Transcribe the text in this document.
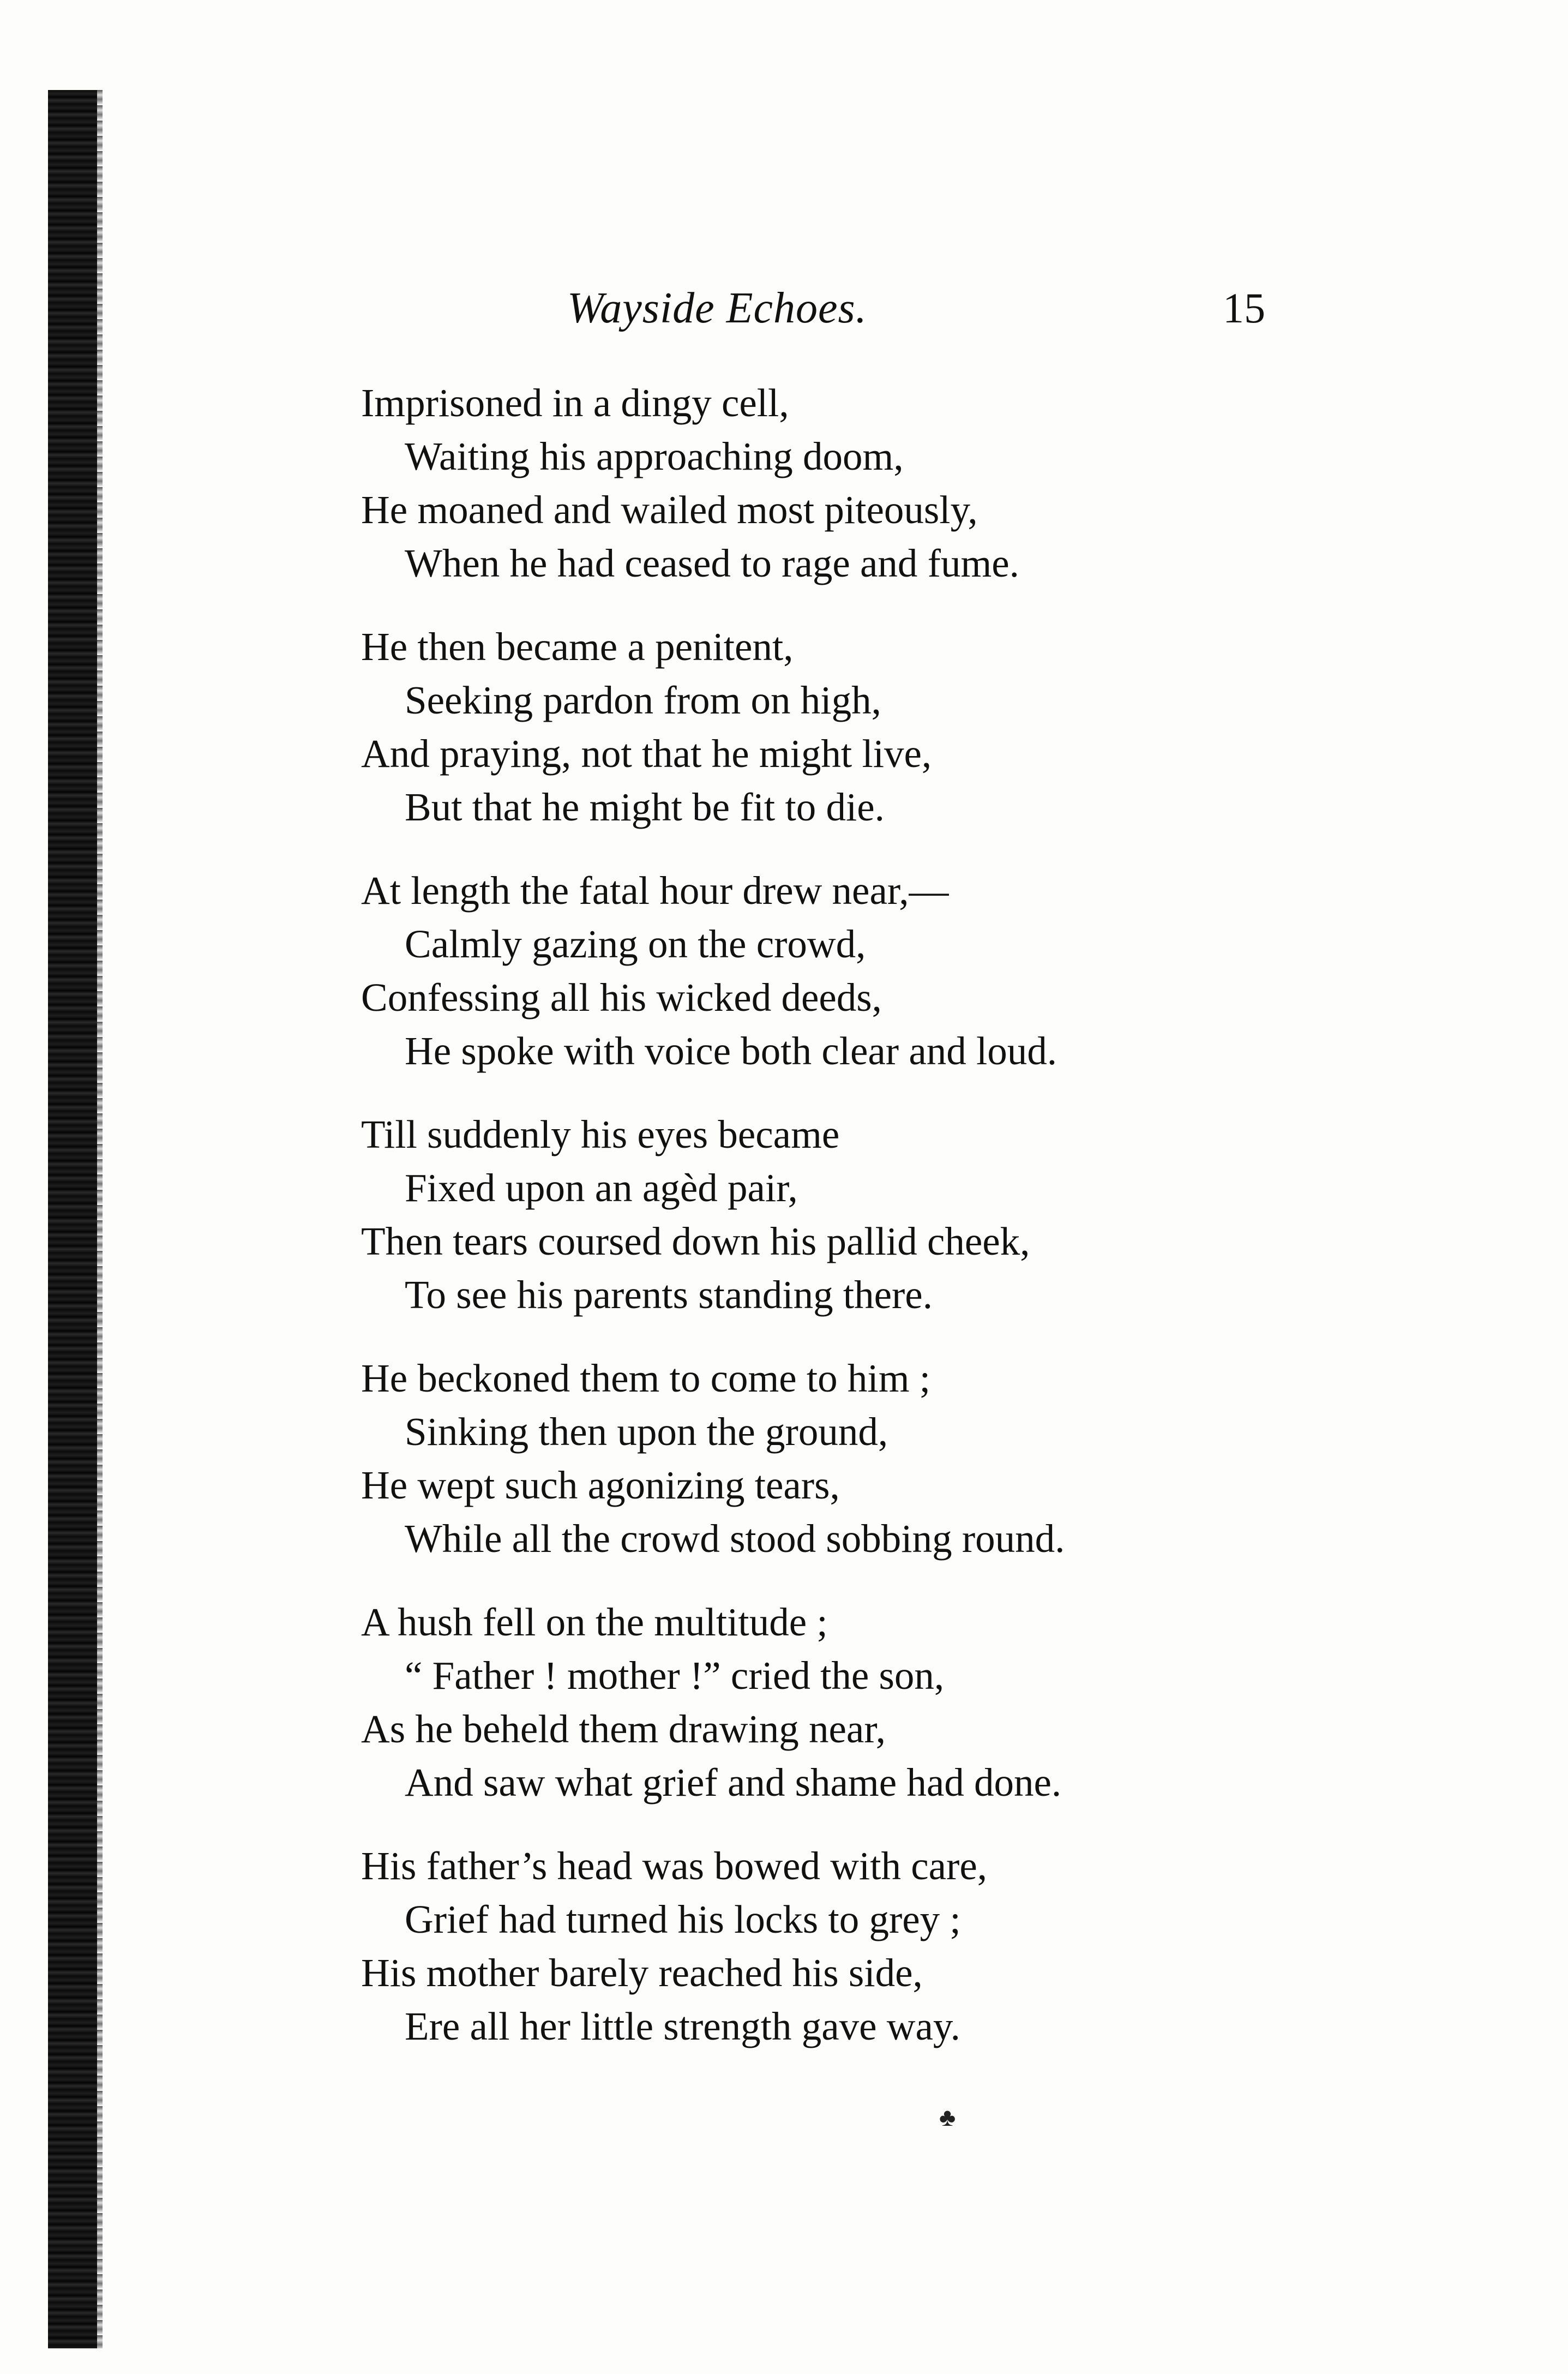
Wayside Echoes.	15
Imprisoned in a dingy cell,
Waiting his approaching doom,
He moaned and wailed most piteously,
When he had ceased to rage and fume.
He then became a penitent,
Seeking pardon from on high,
And praying, not that he might live,
But that he might be fit to die.
At length the fatal hour drew near,—
Calmly gazing on the crowd,
Confessing all his wicked deeds,
He spoke with voice both clear and loud.
Till suddenly his eyes became
Fixed upon an agèd pair,
Then tears coursed down his pallid cheek,
To see his parents standing there.
He beckoned them to come to him ;
Sinking then upon the ground,
He wept such agonizing tears,
While all the crowd stood sobbing round.
A hush fell on the multitude ;
“ Father ! mother !” cried the son,
As he beheld them drawing near,
And saw what grief and shame had done.
His father’s head was bowed with care,
Grief had turned his locks to grey ;
His mother barely reached his side,
Ere all her little strength gave way.
♣
